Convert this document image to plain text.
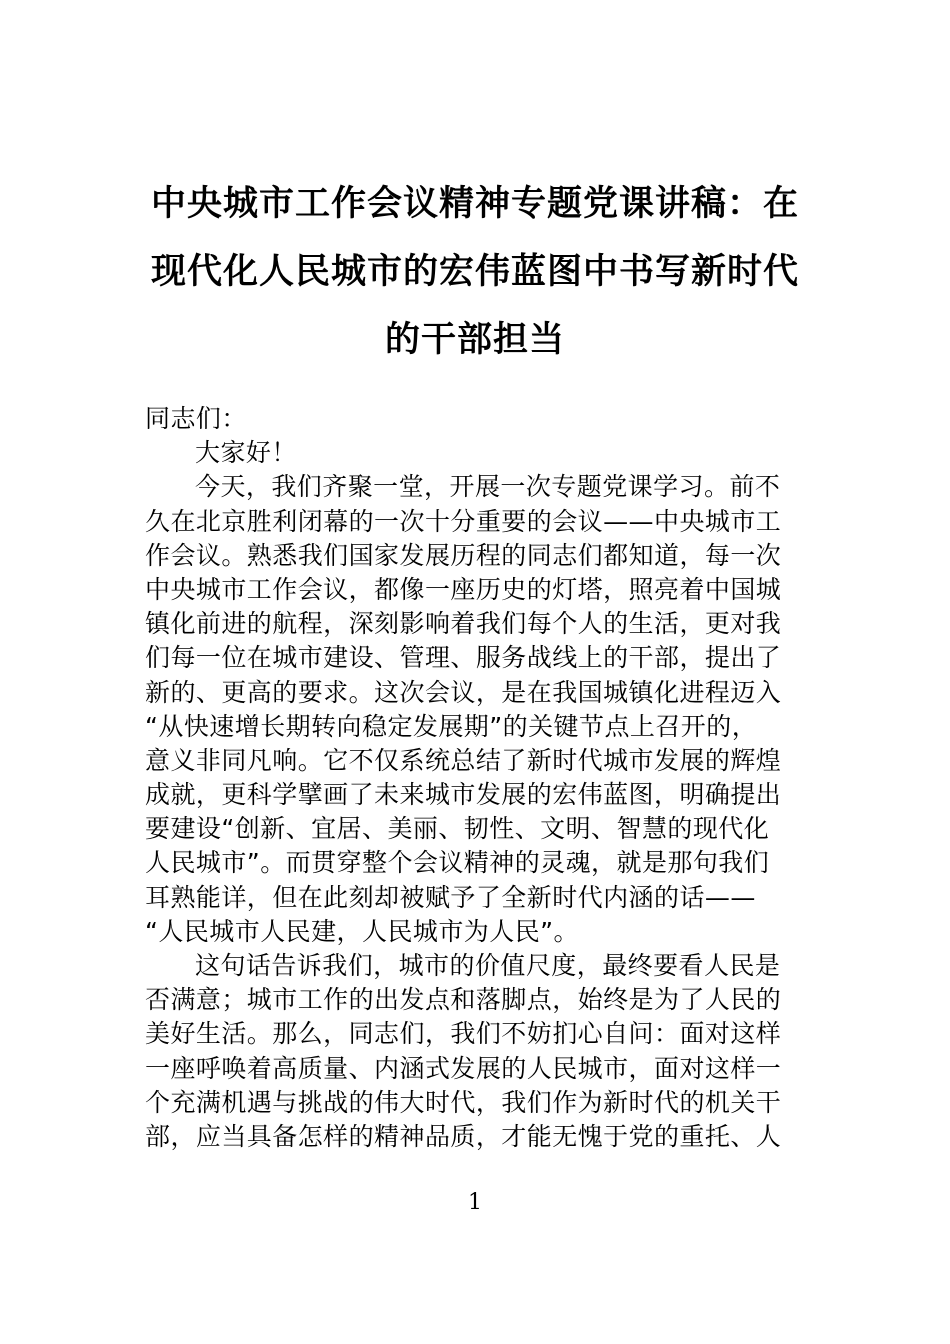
中央城市工作会议精神专题党课讲稿：在
现代化人民城市的宏伟蓝图中书写新时代
的干部担当
同志们：
大家好！
今天，我们齐聚一堂，开展一次专题党课学习。前不
久在北京胜利闭幕的一次十分重要的会议——中央城市工
作会议。熟悉我们国家发展历程的同志们都知道，每一次
中央城市工作会议，都像一座历史的灯塔，照亮着中国城
镇化前进的航程，深刻影响着我们每个人的生活，更对我
们每一位在城市建设、管理、服务战线上的干部，提出了
新的、更高的要求。这次会议，是在我国城镇化进程迈入
“从快速增长期转向稳定发展期”的关键节点上召开的，
意义非同凡响。它不仅系统总结了新时代城市发展的辉煌
成就，更科学擘画了未来城市发展的宏伟蓝图，明确提出
要建设“创新、宜居、美丽、韧性、文明、智慧的现代化
人民城市”。而贯穿整个会议精神的灵魂，就是那句我们
耳熟能详，但在此刻却被赋予了全新时代内涵的话——
“人民城市人民建，人民城市为人民”。
这句话告诉我们，城市的价值尺度，最终要看人民是
否满意；城市工作的出发点和落脚点，始终是为了人民的
美好生活。那么，同志们，我们不妨扪心自问：面对这样
一座呼唤着高质量、内涵式发展的人民城市，面对这样一
个充满机遇与挑战的伟大时代，我们作为新时代的机关干
部，应当具备怎样的精神品质，才能无愧于党的重托、人
1
